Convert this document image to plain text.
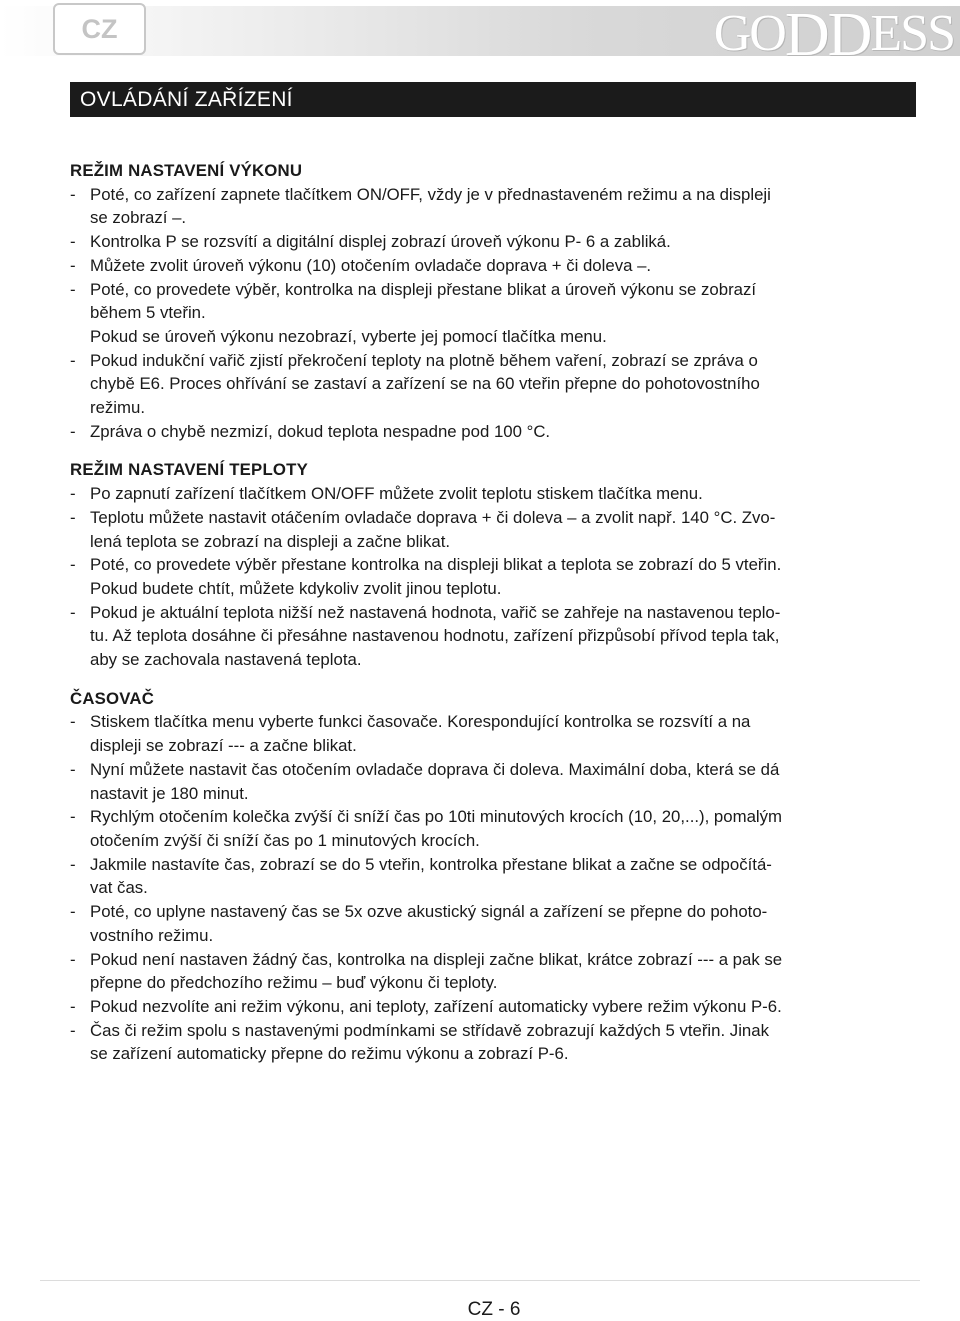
CZ	GO DD ESS
OVLÁDÁNÍ ZAŘÍZENÍ
REŽIM NASTAVENÍ VÝKONU
- Poté, co zařízení zapnete tlačítkem ON/OFF, vždy je v přednastaveném režimu a na displeji
se zobrazí –.
- Kontrolka P se rozsvítí a digitální displej zobrazí úroveň výkonu P- 6 a zabliká.
- Můžete zvolit úroveň výkonu (10) otočením ovladače doprava + či doleva –.
- Poté, co provedete výběr, kontrolka na displeji přestane blikat a úroveň výkonu se zobrazí
během 5 vteřin.
Pokud se úroveň výkonu nezobrazí, vyberte jej pomocí tlačítka menu.
- Pokud indukční vařič zjistí překročení teploty na plotně během vaření, zobrazí se zpráva o
chybě E6. Proces ohřívání se zastaví a zařízení se na 60 vteřin přepne do pohotovostního
režimu.
- Zpráva o chybě nezmizí, dokud teplota nespadne pod 100 °C.
REŽIM NASTAVENÍ TEPLOTY
- Po zapnutí zařízení tlačítkem ON/OFF můžete zvolit teplotu stiskem tlačítka menu.
- Teplotu můžete nastavit otáčením ovladače doprava + či doleva – a zvolit např. 140 °C. Zvo-
lená teplota se zobrazí na displeji a začne blikat.
- Poté, co provedete výběr přestane kontrolka na displeji blikat a teplota se zobrazí do 5 vteřin.
Pokud budete chtít, můžete kdykoliv zvolit jinou teplotu.
- Pokud je aktuální teplota nižší než nastavená hodnota, vařič se zahřeje na nastavenou teplo-
tu. Až teplota dosáhne či přesáhne nastavenou hodnotu, zařízení přizpůsobí přívod tepla tak,
aby se zachovala nastavená teplota.
ČASOVAČ
- Stiskem tlačítka menu vyberte funkci časovače. Korespondující kontrolka se rozsvítí a na
displeji se zobrazí --- a začne blikat.
- Nyní můžete nastavit čas otočením ovladače doprava či doleva. Maximální doba, která se dá
nastavit je 180 minut.
- Rychlým otočením kolečka zvýší či sníží čas po 10ti minutových krocích (10, 20,...), pomalým
otočením zvýší či sníží čas po 1 minutových krocích.
- Jakmile nastavíte čas, zobrazí se do 5 vteřin, kontrolka přestane blikat a začne se odpočítá-
vat čas.
- Poté, co uplyne nastavený čas se 5x ozve akustický signál a zařízení se přepne do pohoto-
vostního režimu.
- Pokud není nastaven žádný čas, kontrolka na displeji začne blikat, krátce zobrazí --- a pak se
přepne do předchozího režimu – buď výkonu či teploty.
- Pokud nezvolíte ani režim výkonu, ani teploty, zařízení automaticky vybere režim výkonu P-6.
- Čas či režim spolu s nastavenými podmínkami se střídavě zobrazují každých 5 vteřin. Jinak
se zařízení automaticky přepne do režimu výkonu a zobrazí P-6.
CZ - 6
